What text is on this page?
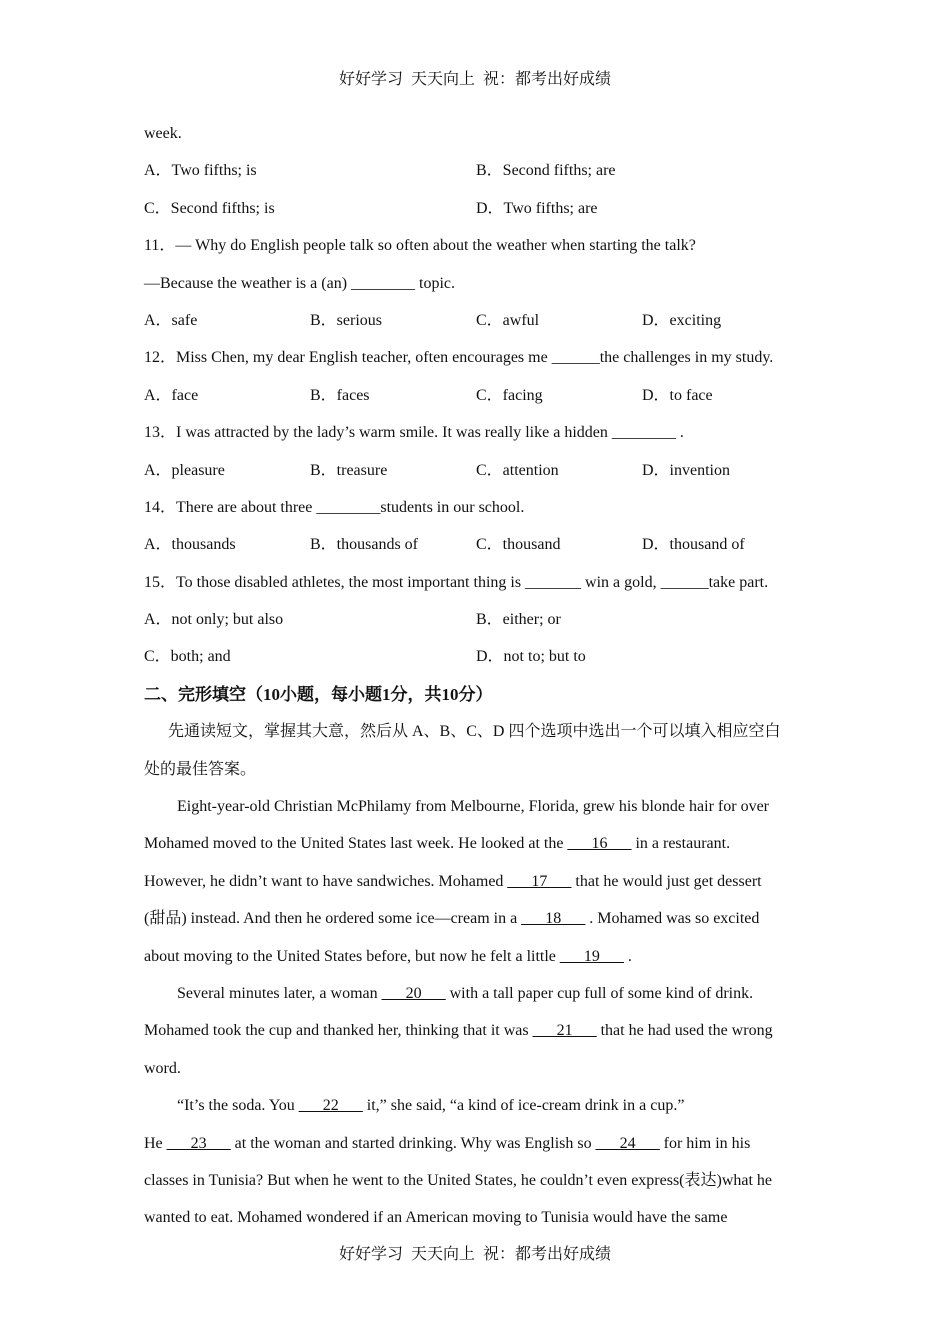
好好学习 天天向上 祝：都考出好成绩
week.
A．Two fifths; is	B．Second fifths; are
C．Second fifths; is	D．Two fifths; are
11．— Why do English people talk so often about the weather when starting the talk?
—Because the weather is a (an) ________ topic.
A．safe	B．serious	C．awful	D．exciting
12．Miss Chen, my dear English teacher, often encourages me ______the challenges in my study.
A．face	B．faces	C．facing	D．to face
13．I was attracted by the lady’s warm smile. It was really like a hidden ________ .
A．pleasure	B．treasure	C．attention	D．invention
14．There are about three ________students in our school.
A．thousands	B．thousands of	C．thousand	D．thousand of
15．To those disabled athletes, the most important thing is _______ win a gold, ______take part.
A．not only; but also	B．either; or
C．both; and	D．not to; but to
二、完形填空（10小题，每小题1分，共10分）
先通读短文，掌握其大意，然后从 A、B、C、D 四个选项中选出一个可以填入相应空白
处的最佳答案。
Eight-year-old Christian McPhilamy from Melbourne, Florida, grew his blonde hair for over
Mohamed moved to the United States last week. He looked at the ___16___ in a restaurant.
However, he didn’t want to have sandwiches. Mohamed ___17___ that he would just get dessert
(甜品) instead. And then he ordered some ice—cream in a ___18___ . Mohamed was so excited
about moving to the United States before, but now he felt a little ___19___ .
Several minutes later, a woman ___20___ with a tall paper cup full of some kind of drink.
Mohamed took the cup and thanked her, thinking that it was ___21___ that he had used the wrong
word.
“It’s the soda. You ___22___ it,” she said, “a kind of ice-cream drink in a cup.”
He ___23___ at the woman and started drinking. Why was English so ___24___ for him in his
classes in Tunisia? But when he went to the United States, he couldn’t even express(表达)what he
wanted to eat. Mohamed wondered if an American moving to Tunisia would have the same
好好学习 天天向上 祝：都考出好成绩
